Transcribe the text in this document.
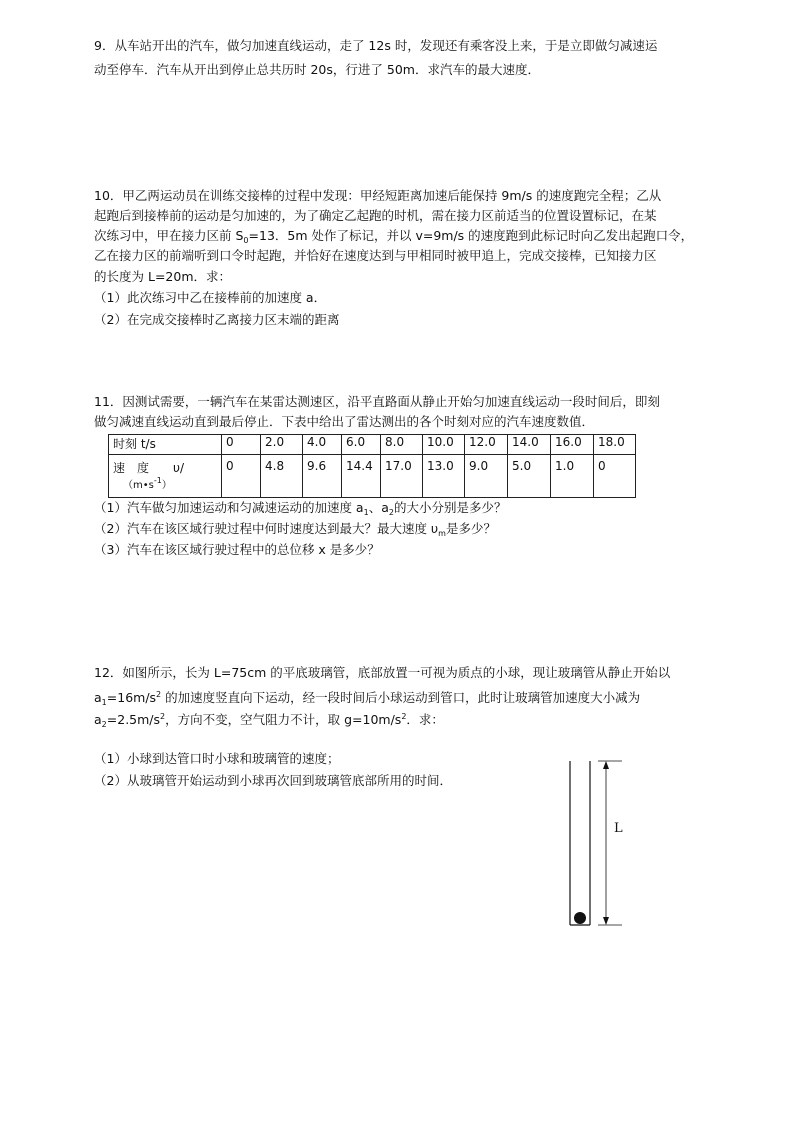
9．从车站开出的汽车，做匀加速直线运动，走了 12s 时，发现还有乘客没上来，于是立即做匀减速运
动至停车．汽车从开出到停止总共历时 20s，行进了 50m．求汽车的最大速度．
10．甲乙两运动员在训练交接棒的过程中发现：甲经短距离加速后能保持 9m/s 的速度跑完全程；乙从
起跑后到接棒前的运动是匀加速的，为了确定乙起跑的时机，需在接力区前适当的位置设置标记，在某
次练习中，甲在接力区前 $S_0=13$．5m 处作了标记，并以 v=9m/s 的速度跑到此标记时向乙发出起跑口令，
乙在接力区的前端听到口令时起跑，并恰好在速度达到与甲相同时被甲追上，完成交接棒，已知接力区
的长度为 L=20m．求：
（1）此次练习中乙在接棒前的加速度 a．
（2）在完成交接棒时乙离接力区末端的距离
11．因测试需要，一辆汽车在某雷达测速区，沿平直路面从静止开始匀加速直线运动一段时间后，即刻
做匀减速直线运动直到最后停止．下表中给出了雷达测出的各个时刻对应的汽车速度数值．
时刻 t/s	0	2.0	4.0	6.0	8.0	10.0	12.0	14.0	16.0	18.0

速　度　　υ/
$(m•s^{-1})$	0	4.8	9.6	14.4	17.0	13.0	9.0	5.0	1.0	0
（1）汽车做匀加速运动和匀减速运动的加速度 $a_1$、$a_2$的大小分别是多少？
（2）汽车在该区域行驶过程中何时速度达到最大？最大速度 $\upsilon_m$是多少？
（3）汽车在该区域行驶过程中的总位移 x 是多少？
12．如图所示，长为 L=75cm 的平底玻璃管，底部放置一可视为质点的小球，现让玻璃管从静止开始以
$a_1=16m/s^2$ 的加速度竖直向下运动，经一段时间后小球运动到管口，此时让玻璃管加速度大小减为
$a_2=2.5m/s^2$，方向不变，空气阻力不计，取 $g=10m/s^2$．求：
（1）小球到达管口时小球和玻璃管的速度；
（2）从玻璃管开始运动到小球再次回到玻璃管底部所用的时间．
L
